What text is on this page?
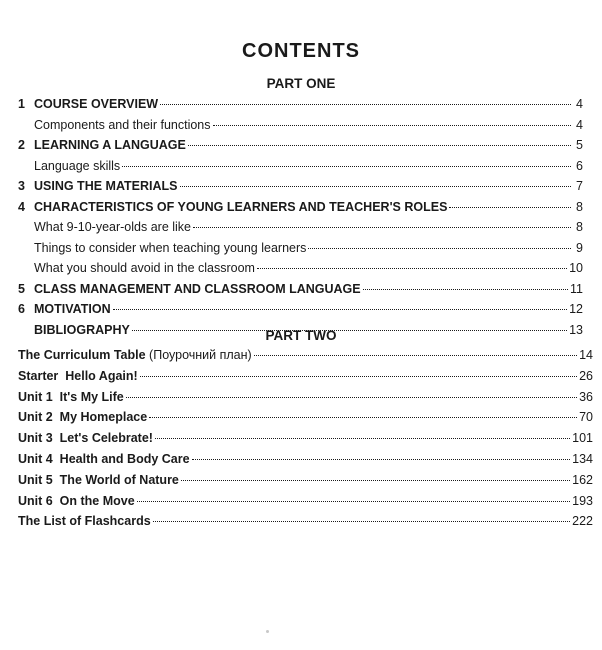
CONTENTS
PART ONE
1 COURSE OVERVIEW	4
Components and their functions	4
2 LEARNING A LANGUAGE	5
Language skills	6
3 USING THE MATERIALS	7
4 CHARACTERISTICS OF YOUNG LEARNERS AND TEACHER'S ROLES	8
What 9-10-year-olds are like	8
Things to consider when teaching young learners	9
What you should avoid in the classroom	10
5 CLASS MANAGEMENT AND CLASSROOM LANGUAGE	11
6 MOTIVATION	12
BIBLIOGRAPHY	13
PART TWO
The Curriculum Table (Поурочний план)	14
Starter  Hello Again!	26
Unit 1  It's My Life	36
Unit 2  My Homeplace	70
Unit 3  Let's Celebrate!	101
Unit 4  Health and Body Care	134
Unit 5  The World of Nature	162
Unit 6  On the Move	193
The List of Flashcards	222
